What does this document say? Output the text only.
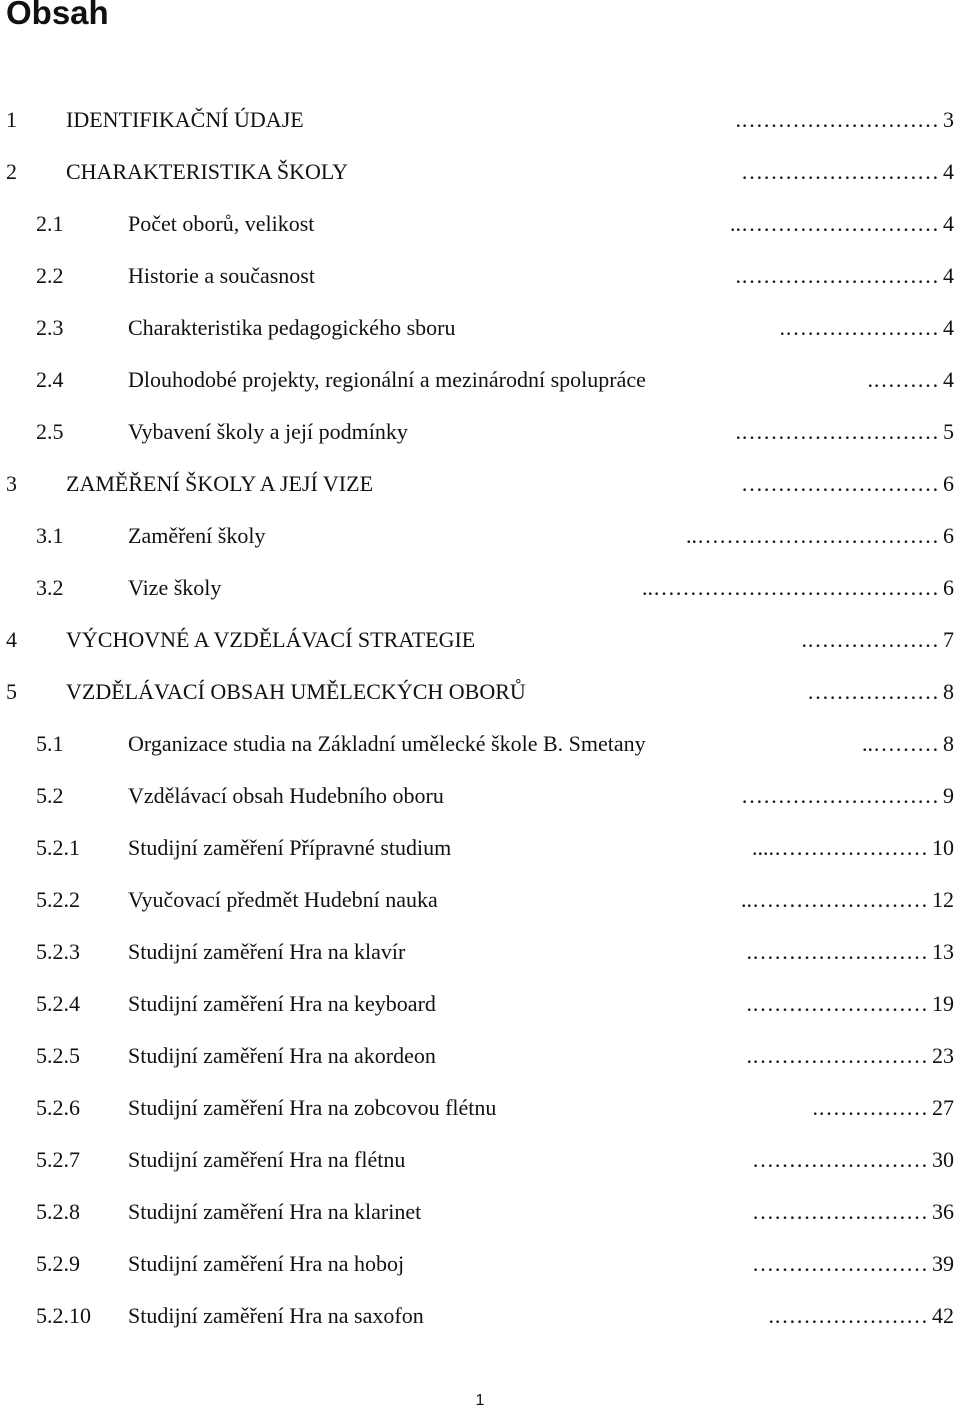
Obsah
1 IDENTIFIKAČNÍ ÚDAJE	………………………. 3
2 CHARAKTERISTIKA ŠKOLY	……………………… 4
2.1	Počet oborů, velikost	……………………….. 4
2.2	Historie a současnost	………………………. 4
2.3	Charakteristika pedagogického sboru	…………………. 4
2.4	Dlouhodobé projekty, regionální a mezinárodní spolupráce	………. 4
2.5	Vybavení školy a její podmínky	………………………. 5
3 ZAMĚŘENÍ ŠKOLY A JEJÍ VIZE	……………………… 6
3.1	Zaměření školy	…………………………….. 6
3.2	Vize školy	………………………………….. 6
4 VÝCHOVNÉ A VZDĚLÁVACÍ STRATEGIE	………………. 7
5 VZDĚLÁVACÍ OBSAH UMĚLECKÝCH OBORŮ	……………… 8
5.1	Organizace studia na Základní umělecké škole B. Smetany	……….. 8
5.2	Vzdělávací obsah Hudebního oboru	……………………… 9
5.2.1 Studijní zaměření Přípravné studium	………………….... 10
5.2.2 Vyučovací předmět Hudební nauka	…………………….. 12
5.2.3 Studijní zaměření Hra na klavír	……………………. 13
5.2.4 Studijní zaměření Hra na keyboard	……………………. 19
5.2.5 Studijní zaměření Hra na akordeon	……………………. 23
5.2.6 Studijní zaměření Hra na zobcovou flétnu	……………. 27
5.2.7 Studijní zaměření Hra na flétnu	…………………… 30
5.2.8 Studijní zaměření Hra na klarinet	…………………… 36
5.2.9 Studijní zaměření Hra na hoboj	…………………… 39
5.2.10 Studijní zaměření Hra na saxofon	…………………. 42
1
